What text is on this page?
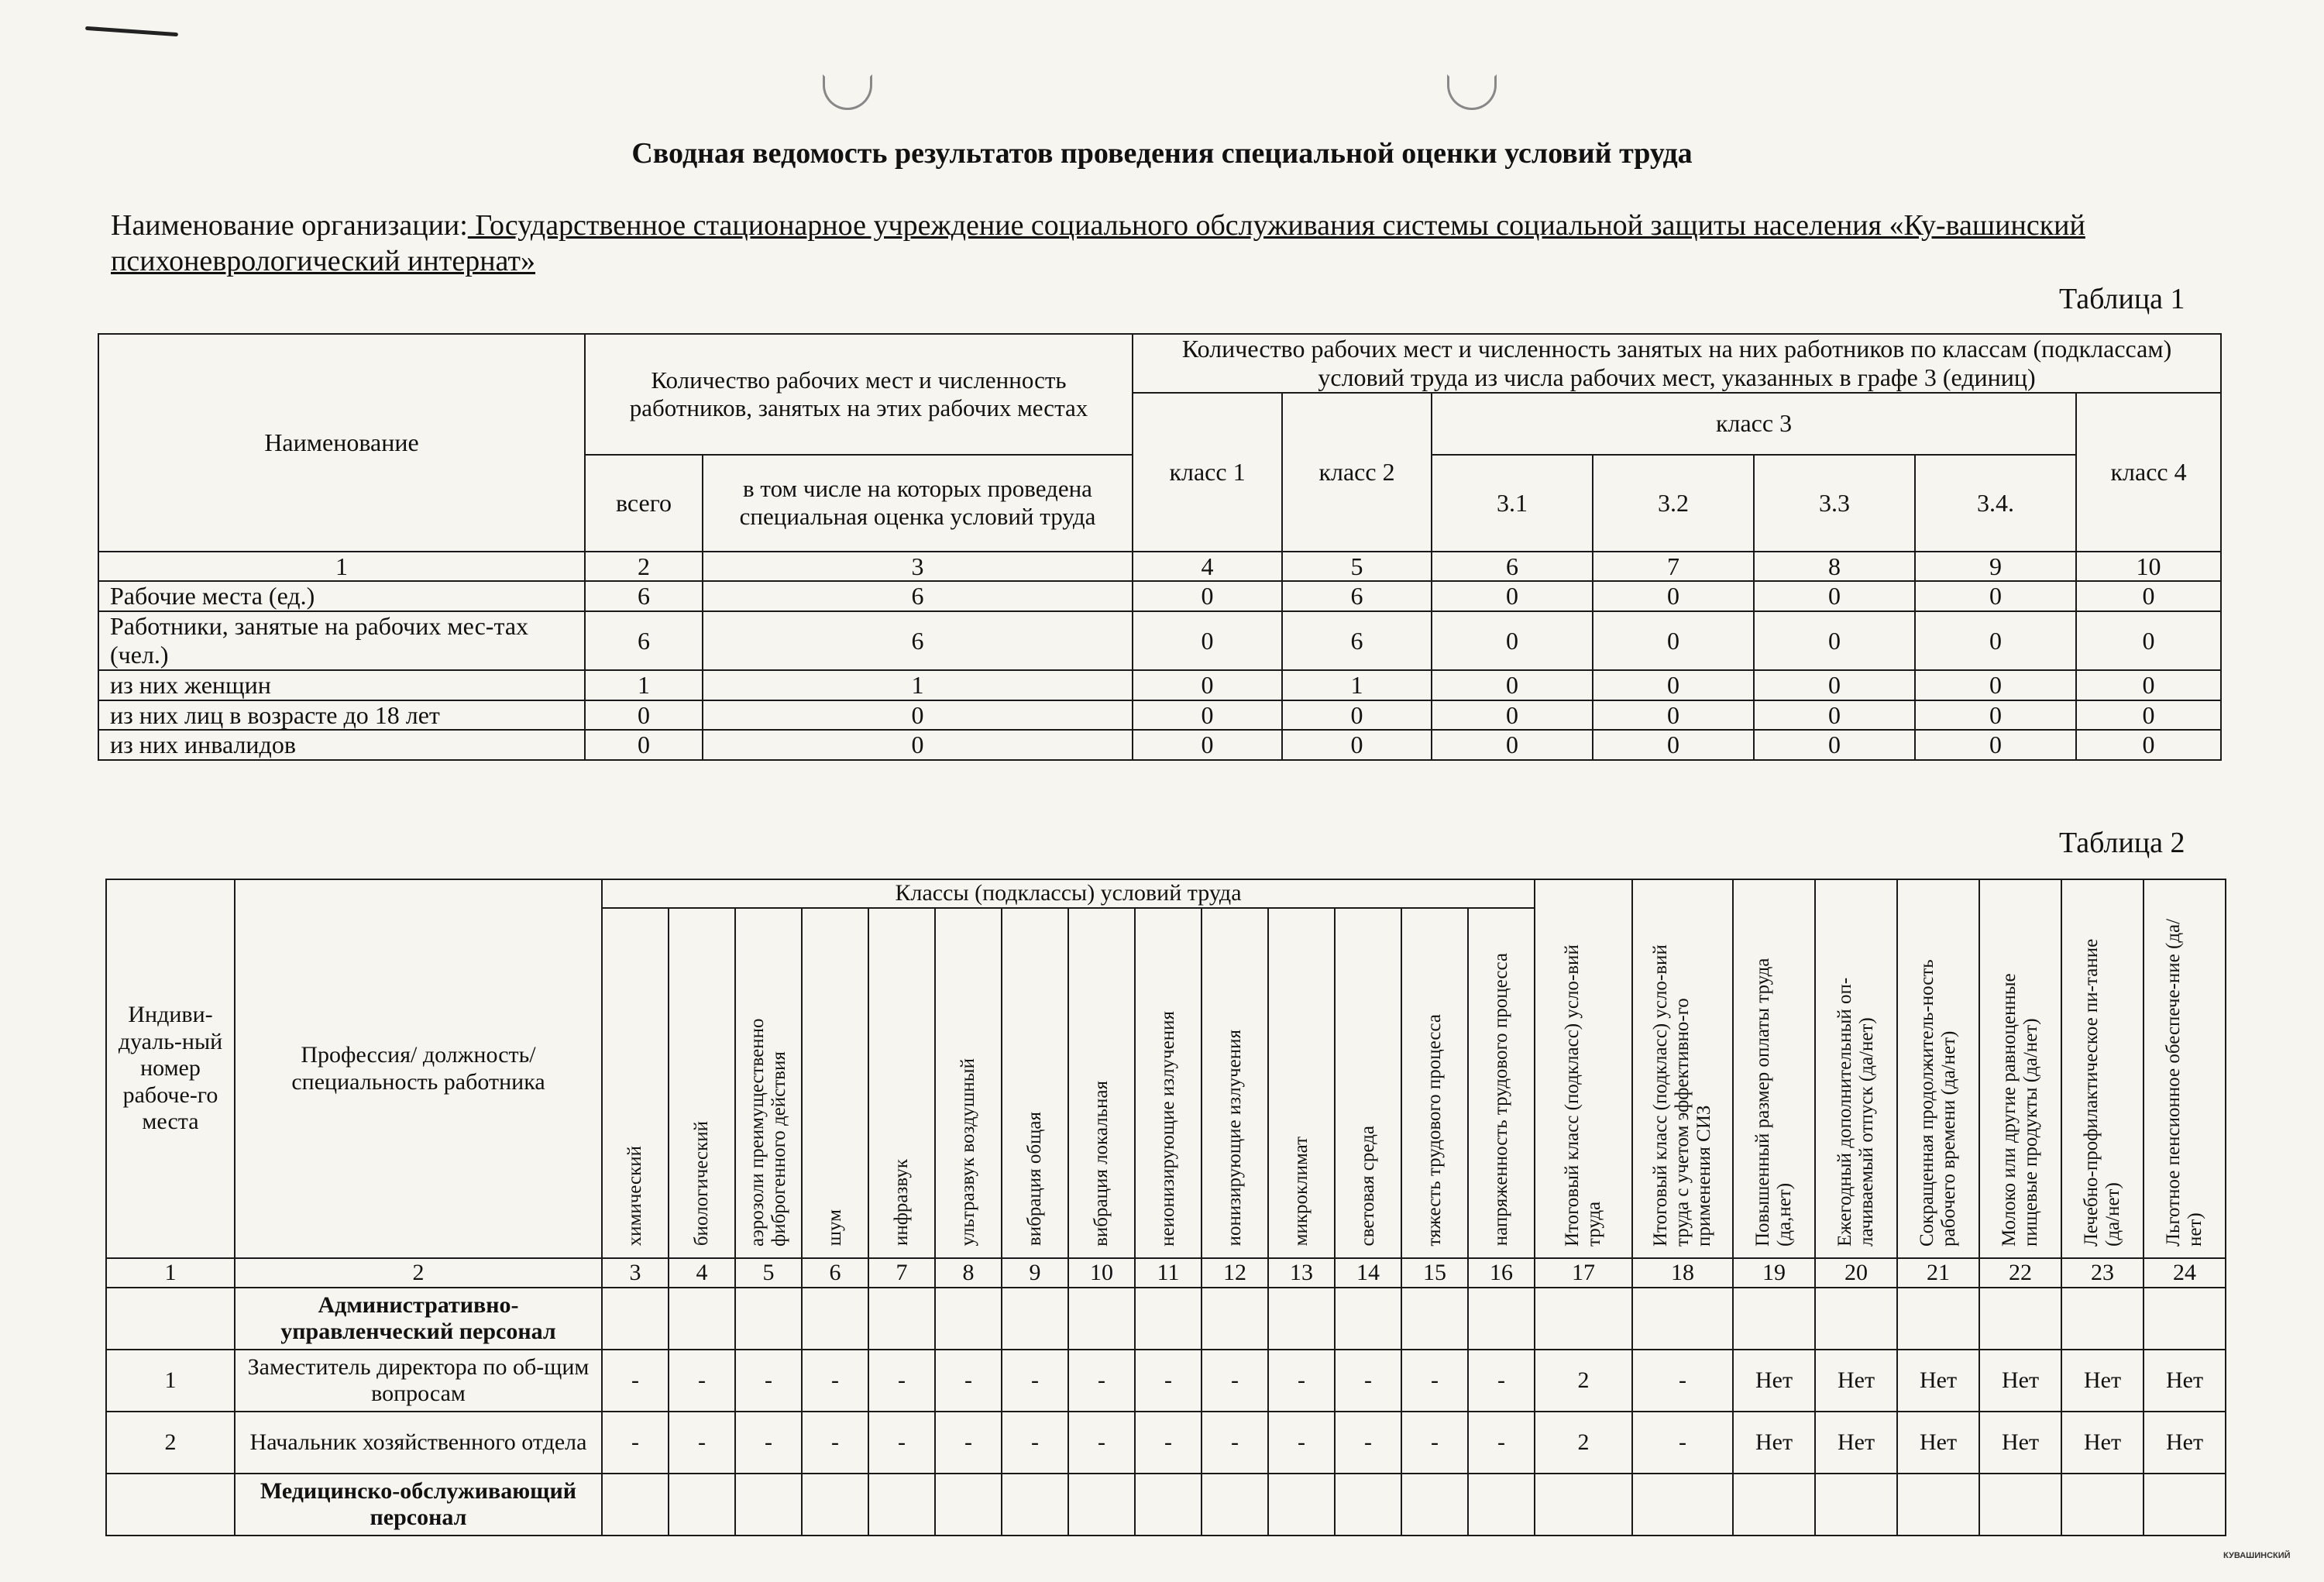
Сводная ведомость результатов проведения специальной оценки условий труда
Наименование организации: Государственное стационарное учреждение социального обслуживания системы социальной защиты населения «Ку-вашинский психоневрологический интернат»
Таблица 1
Наименование	Количество рабочих мест и численность работников, занятых на этих рабочих местах		Количество рабочих мест и численность занятых на них работников по классам (подклассам) условий труда из числа рабочих мест, указанных в графе 3 (единиц)						
			класс 1	класс 2	класс 3				класс 4
	всего	в том числе на которых проведена специальная оценка условий труда			3.1	3.2	3.3	3.4.	
1	2	3	4	5	6	7	8	9	10
Рабочие места (ед.)	6	6	0	6	0	0	0	0	0
Работники, занятые на рабочих мес-тах (чел.)	6	6	0	6	0	0	0	0	0
из них женщин	1	1	0	1	0	0	0	0	0
из них лиц в возрасте до 18 лет	0	0	0	0	0	0	0	0	0
из них инвалидов	0	0	0	0	0	0	0	0	0
Таблица 2
Индиви-дуаль-ный номер рабоче-го места	Профессия/ должность/ специальность работника	Классы (подклассы) условий труда														Итоговый класс (подкласс) усло-вий труда	Итоговый класс (подкласс) усло-вий труда с учетом эффективно-го применения СИЗ	Повышенный размер оплаты труда (да,нет)	Ежегодный дополнительный оп-лачиваемый отпуск (да/нет)	Сокращенная продолжитель-ность рабочего времени (да/нет)	Молоко или другие равноценные пищевые продукты (да/нет)	Лечебно-профилактическое пи-тание (да/нет)	Льготное пенсионное обеспече-ние (да/нет)
		химический	биологический	аэрозоли преимущественно фиброгенного действия	шум	инфразвук	ультразвук воздушный	вибрация общая	вибрация локальная	неионизирующие излучения	ионизирующие излучения	микроклимат	световая среда	тяжесть трудового процесса	напряженность трудового процесса								
1	2	3	4	5	6	7	8	9	10	11	12	13	14	15	16	17	18	19	20	21	22	23	24
	Административно-управленческий персонал																						
1	Заместитель директора по об-щим вопросам	-	-	-	-	-	-	-	-	-	-	-	-	-	-	2	-	Нет	Нет	Нет	Нет	Нет	Нет
2	Начальник хозяйственного отдела	-	-	-	-	-	-	-	-	-	-	-	-	-	-	2	-	Нет	Нет	Нет	Нет	Нет	Нет
	Медицинско-обслуживающий персонал																						
КУВАШИНСКИЙ
